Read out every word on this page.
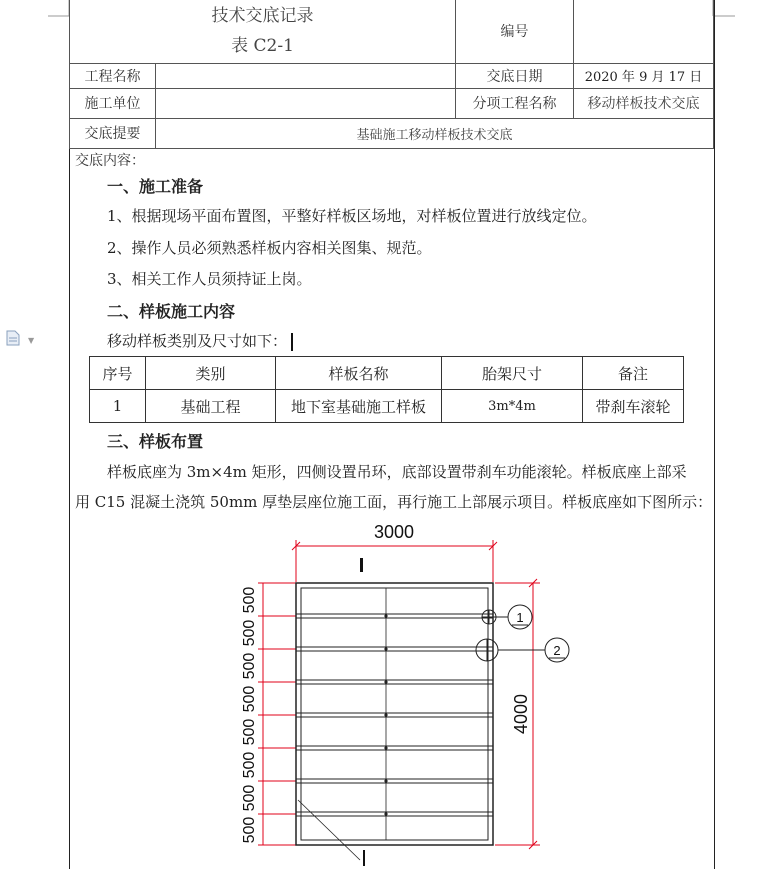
▼
技术交底记录
表 C2-1		编号	
工程名称		交底日期	2020 年 9 月 17 日
施工单位		分项工程名称	移动样板技术交底
交底提要	基础施工移动样板技术交底		
交底内容：
一、施工准备
1、根据现场平面布置图，平整好样板区场地，对样板位置进行放线定位。
2、操作人员必须熟悉样板内容相关图集、规范。
3、相关工作人员须持证上岗。
二、样板施工内容
移动样板类别及尺寸如下：
序号	类别	样板名称	胎架尺寸	备注
1	基础工程	地下室基础施工样板	3m*4m	带刹车滚轮
三、样板布置
样板底座为 3m×4m 矩形，四侧设置吊环，底部设置带刹车功能滚轮。样板底座上部采
用 C15 混凝土浇筑 50mm 厚垫层座位施工面，再行施工上部展示项目。样板底座如下图所示：
3000
4000
500
500
500
500
500
500
500
500
1
2
